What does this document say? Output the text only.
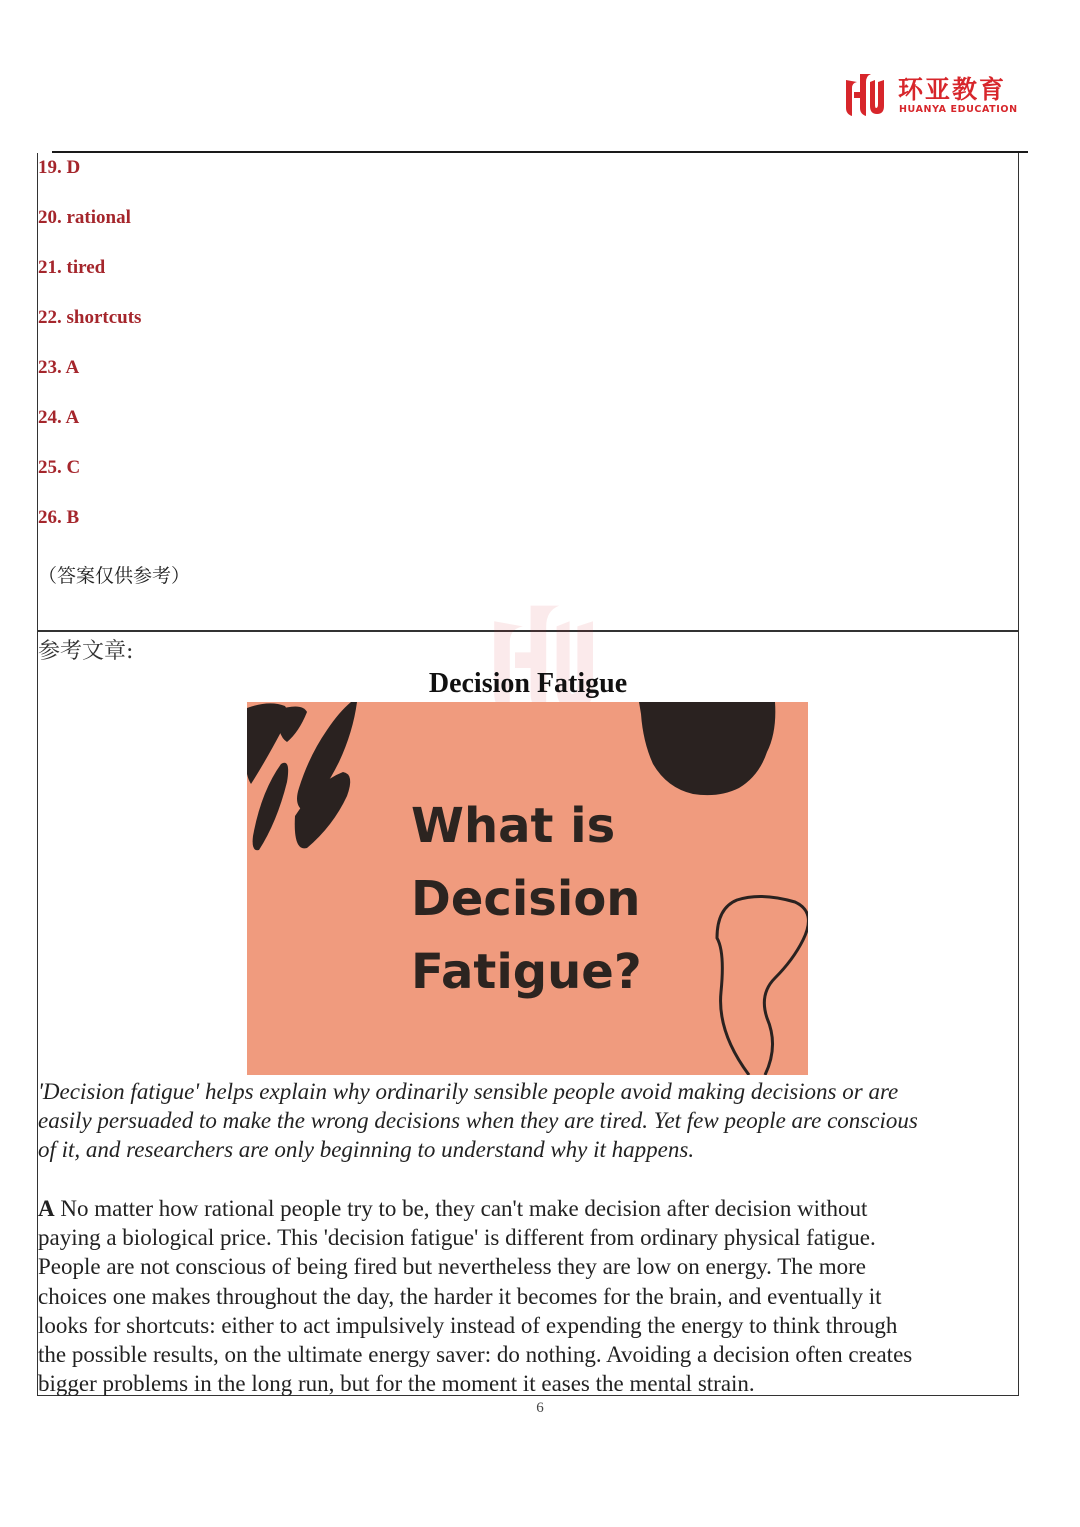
环亚教育
HUANYA EDUCATION
19. D
20. rational
21. tired
22. shortcuts
23. A
24. A
25. C
26. B
（答案仅供参考）
参考文章:
Decision Fatigue
What is
Decision
Fatigue?
'Decision fatigue' helps explain why ordinarily sensible people avoid making decisions or are
easily persuaded to make the wrong decisions when they are tired. Yet few people are conscious
of it, and researchers are only beginning to understand why it happens.
A No matter how rational people try to be, they can't make decision after decision without
paying a biological price. This 'decision fatigue' is different from ordinary physical fatigue.
People are not conscious of being fired but nevertheless they are low on energy. The more
choices one makes throughout the day, the harder it becomes for the brain, and eventually it
looks for shortcuts: either to act impulsively instead of expending the energy to think through
the possible results, on the ultimate energy saver: do nothing. Avoiding a decision often creates
bigger problems in the long run, but for the moment it eases the mental strain.
6
